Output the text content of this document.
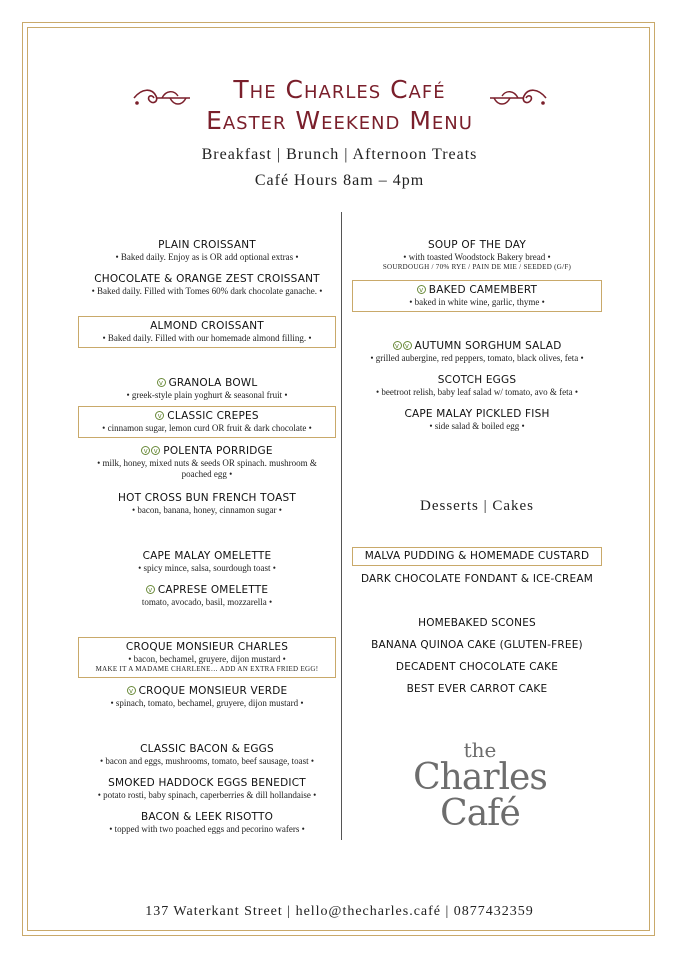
The Charles Café
Easter Weekend Menu
Breakfast | Brunch | Afternoon Treats
Café Hours 8am – 4pm
PLAIN CROISSANT
• Baked daily. Enjoy as is OR add optional extras •
CHOCOLATE & ORANGE ZEST CROISSANT
• Baked daily. Filled with Tomes 60% dark chocolate ganache. •
ALMOND CROISSANT
• Baked daily. Filled with our homemade almond filling. •
v GRANOLA BOWL
• greek-style plain yoghurt & seasonal fruit •
v CLASSIC CREPES
• cinnamon sugar, lemon curd OR fruit & dark chocolate •
v v POLENTA PORRIDGE
• milk, honey, mixed nuts & seeds OR spinach. mushroom & poached egg •
HOT CROSS BUN FRENCH TOAST
• bacon, banana, honey, cinnamon sugar •
CAPE MALAY OMELETTE
• spicy mince, salsa, sourdough toast •
v CAPRESE OMELETTE
tomato, avocado, basil, mozzarella •
CROQUE MONSIEUR CHARLES
• bacon, bechamel, gruyere, dijon mustard •
MAKE IT A MADAME CHARLENE… ADD AN EXTRA FRIED EGG!
v CROQUE MONSIEUR VERDE
• spinach, tomato, bechamel, gruyere, dijon mustard •
CLASSIC BACON & EGGS
• bacon and eggs, mushrooms, tomato, beef sausage, toast •
SMOKED HADDOCK EGGS BENEDICT
• potato rosti, baby spinach, caperberries & dill hollandaise •
BACON & LEEK RISOTTO
• topped with two poached eggs and pecorino wafers •
SOUP OF THE DAY
• with toasted Woodstock Bakery bread •
SOURDOUGH / 70% RYE / PAIN DE MIE / SEEDED (G/F)
v BAKED CAMEMBERT
• baked in white wine, garlic, thyme •
v v AUTUMN SORGHUM SALAD
• grilled aubergine, red peppers, tomato, black olives, feta •
SCOTCH EGGS
• beetroot relish, baby leaf salad w/ tomato, avo & feta •
CAPE MALAY PICKLED FISH
• side salad & boiled egg •
Desserts | Cakes
MALVA PUDDING & HOMEMADE CUSTARD
DARK CHOCOLATE FONDANT & ICE-CREAM
HOMEBAKED SCONES
BANANA QUINOA CAKE (GLUTEN-FREE)
DECADENT CHOCOLATE CAKE
BEST EVER CARROT CAKE
the
Charles
Café
137 Waterkant Street | hello@thecharles.café | 0877432359
